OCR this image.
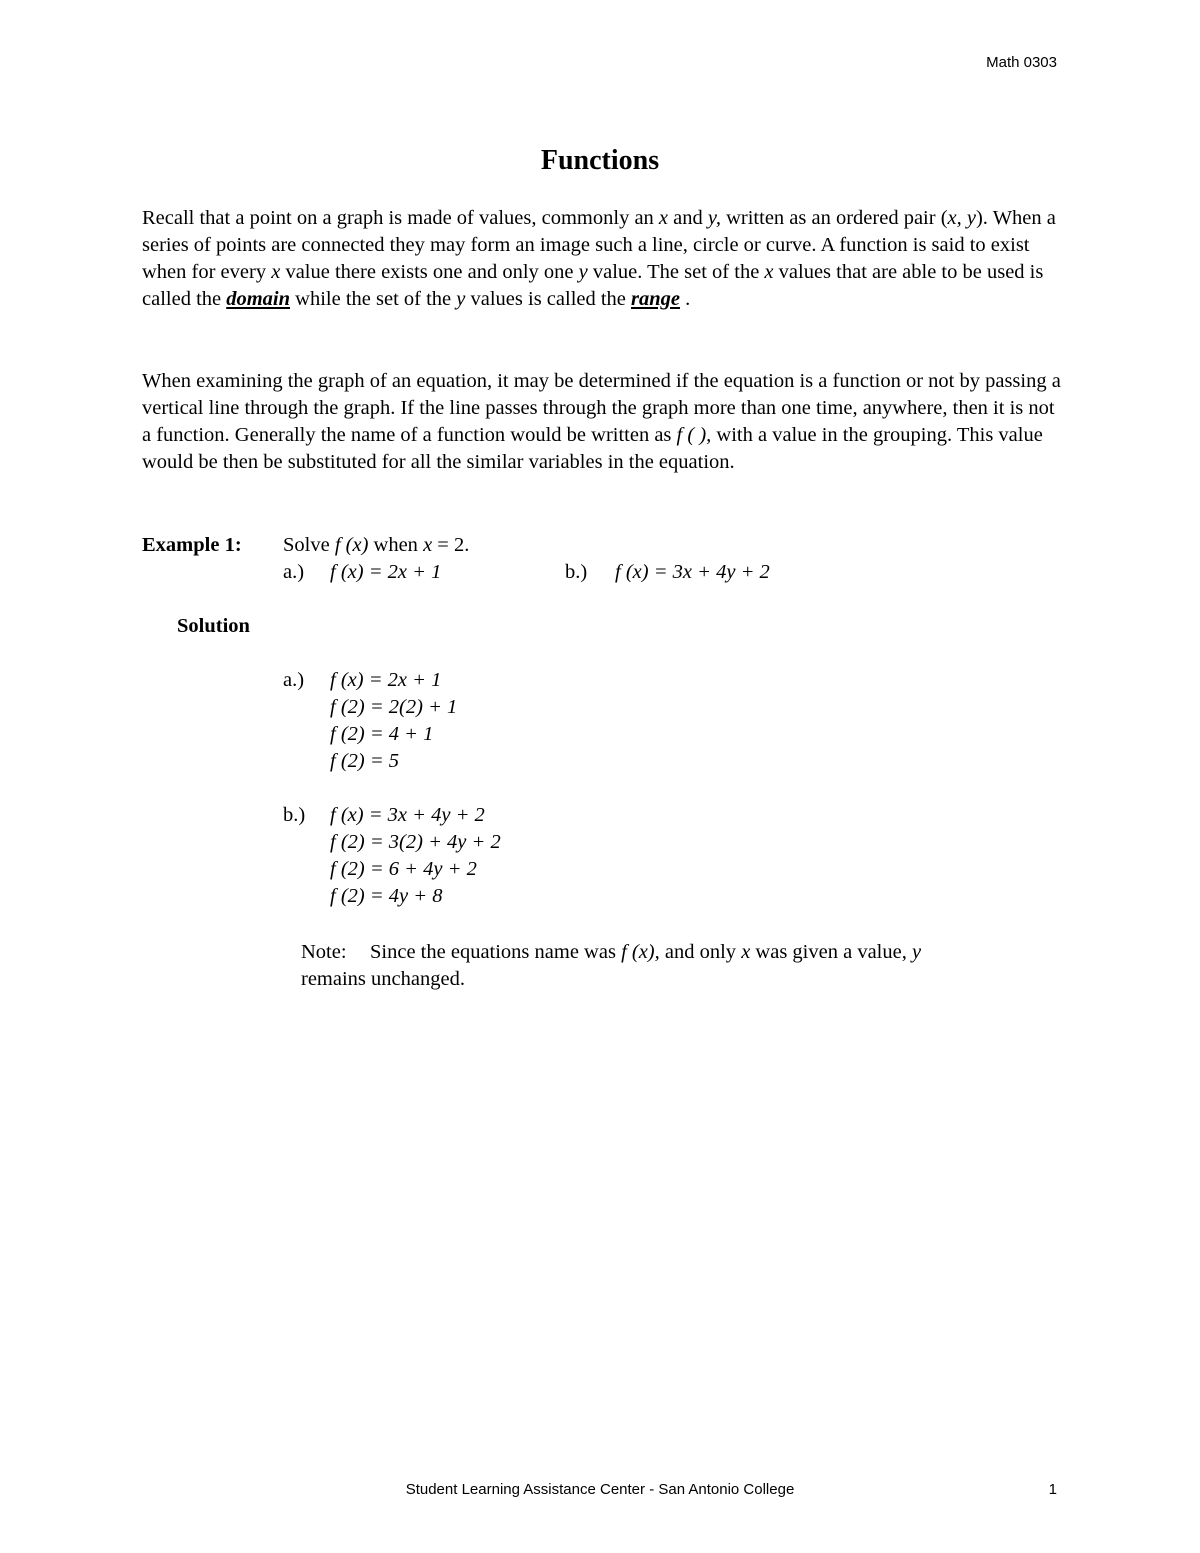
Math 0303
Functions
Recall that a point on a graph is made of values, commonly an x and y, written as an ordered pair (x, y). When a series of points are connected they may form an image such a line, circle or curve. A function is said to exist when for every x value there exists one and only one y value. The set of the x values that are able to be used is called the domain while the set of the y values is called the range .
When examining the graph of an equation, it may be determined if the equation is a function or not by passing a vertical line through the graph. If the line passes through the graph more than one time, anywhere, then it is not a function. Generally the name of a function would be written as f ( ), with a value in the grouping. This value would be then be substituted for all the similar variables in the equation.
Example 1: Solve f (x) when x = 2.
a.) f (x) = 2x + 1	b.) f (x) = 3x + 4y + 2
Solution
a.) f (x) = 2x + 1
f (2) = 2(2) + 1
f (2) = 4 + 1
f (2) = 5
b.) f (x) = 3x + 4y + 2
f (2) = 3(2) + 4y + 2
f (2) = 6 + 4y + 2
f (2) = 4y + 8
Note: Since the equations name was f (x), and only x was given a value, y
remains unchanged.
Student Learning Assistance Center - San Antonio College	1
